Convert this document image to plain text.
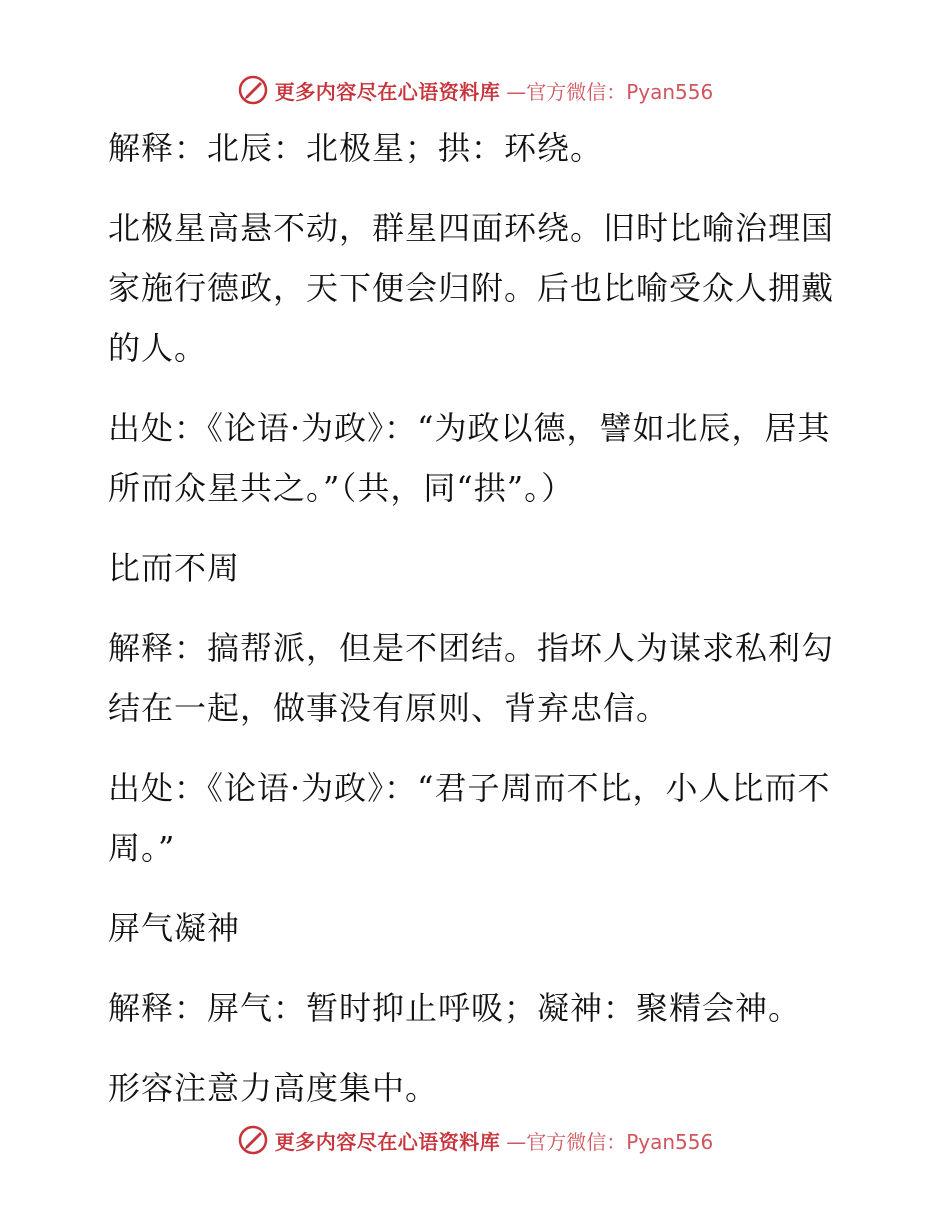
更多内容尽在心语资料库 —官方微信：Pyan556

解释：北辰：北极星；拱：环绕。

北极星高悬不动，群星四面环绕。旧时比喻治理国家施行德政，天下便会归附。后也比喻受众人拥戴的人。

出处：《论语·为政》：“为政以德，譬如北辰，居其所而众星共之。”（共，同“拱”。）

比而不周

解释：搞帮派，但是不团结。指坏人为谋求私利勾结在一起，做事没有原则、背弃忠信。

出处：《论语·为政》：“君子周而不比，小人比而不周。”

屏气凝神

解释：屏气：暂时抑止呼吸；凝神：聚精会神。

形容注意力高度集中。

更多内容尽在心语资料库 —官方微信：Pyan556
